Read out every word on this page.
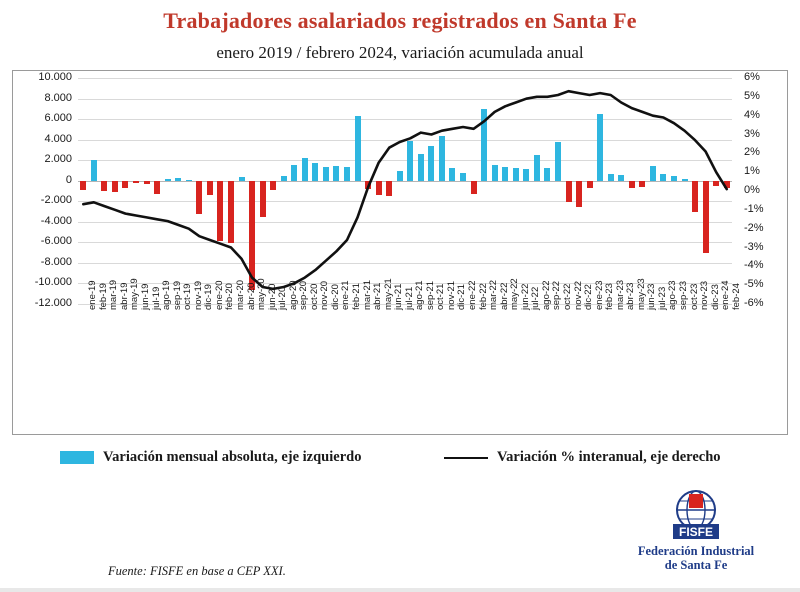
Trabajadores asalariados registrados en Santa Fe
enero 2019 / febrero 2024, variación acumulada anual
-12.000
-10.000
-8.000
-6.000
-4.000
-2.000
0
2.000
4.000
6.000
8.000
10.000
-6%
-5%
-4%
-3%
-2%
-1%
0%
1%
2%
3%
4%
5%
6%
ene-19 feb-19 mar-19 abr-19 may-19 jun-19 jul-19 ago-19 sep-19 oct-19 nov-19 dic-19 ene-20 feb-20 mar-20 abr-20 may-20 jun-20 jul-20 ago-20 sep-20 oct-20 nov-20 dic-20 ene-21 feb-21 mar-21 abr-21 may-21 jun-21 jul-21 ago-21 sep-21 oct-21 nov-21 dic-21 ene-22 feb-22 mar-22 abr-22 may-22 jun-22 jul-22 ago-22 sep-22 oct-22 nov-22 dic-22 ene-23 feb-23 mar-23 abr-23 may-23 jun-23 jul-23 ago-23 sep-23 oct-23 nov-23 dic-23 ene-24 feb-24
Variación mensual absoluta, eje izquierdo	Variación % interanual, eje derecho
Fuente: FISFE en base a CEP XXI.
FISFE
Federación Industrial
de Santa Fe
